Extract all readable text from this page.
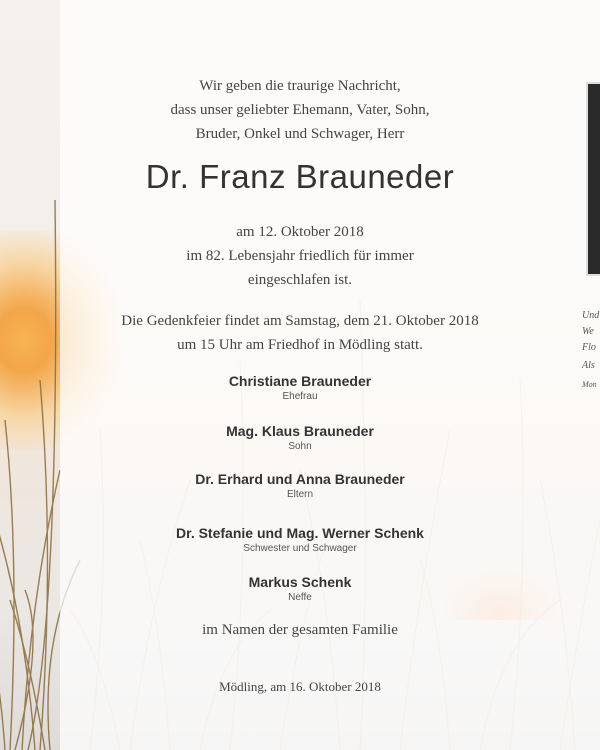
Und
We
Flo
Als
Mon
Wir geben die traurige Nachricht,
dass unser geliebter Ehemann, Vater, Sohn,
Bruder, Onkel und Schwager, Herr
Dr. Franz Brauneder
am 12. Oktober 2018
im 82. Lebensjahr friedlich für immer
eingeschlafen ist.
Die Gedenkfeier findet am Samstag, dem 21. Oktober 2018
um 15 Uhr am Friedhof in Mödling statt.
Christiane Brauneder
Ehefrau
Mag. Klaus Brauneder
Sohn
Dr. Erhard und Anna Brauneder
Eltern
Dr. Stefanie und Mag. Werner Schenk
Schwester und Schwager
Markus Schenk
Neffe
im Namen der gesamten Familie
Mödling, am 16. Oktober 2018
